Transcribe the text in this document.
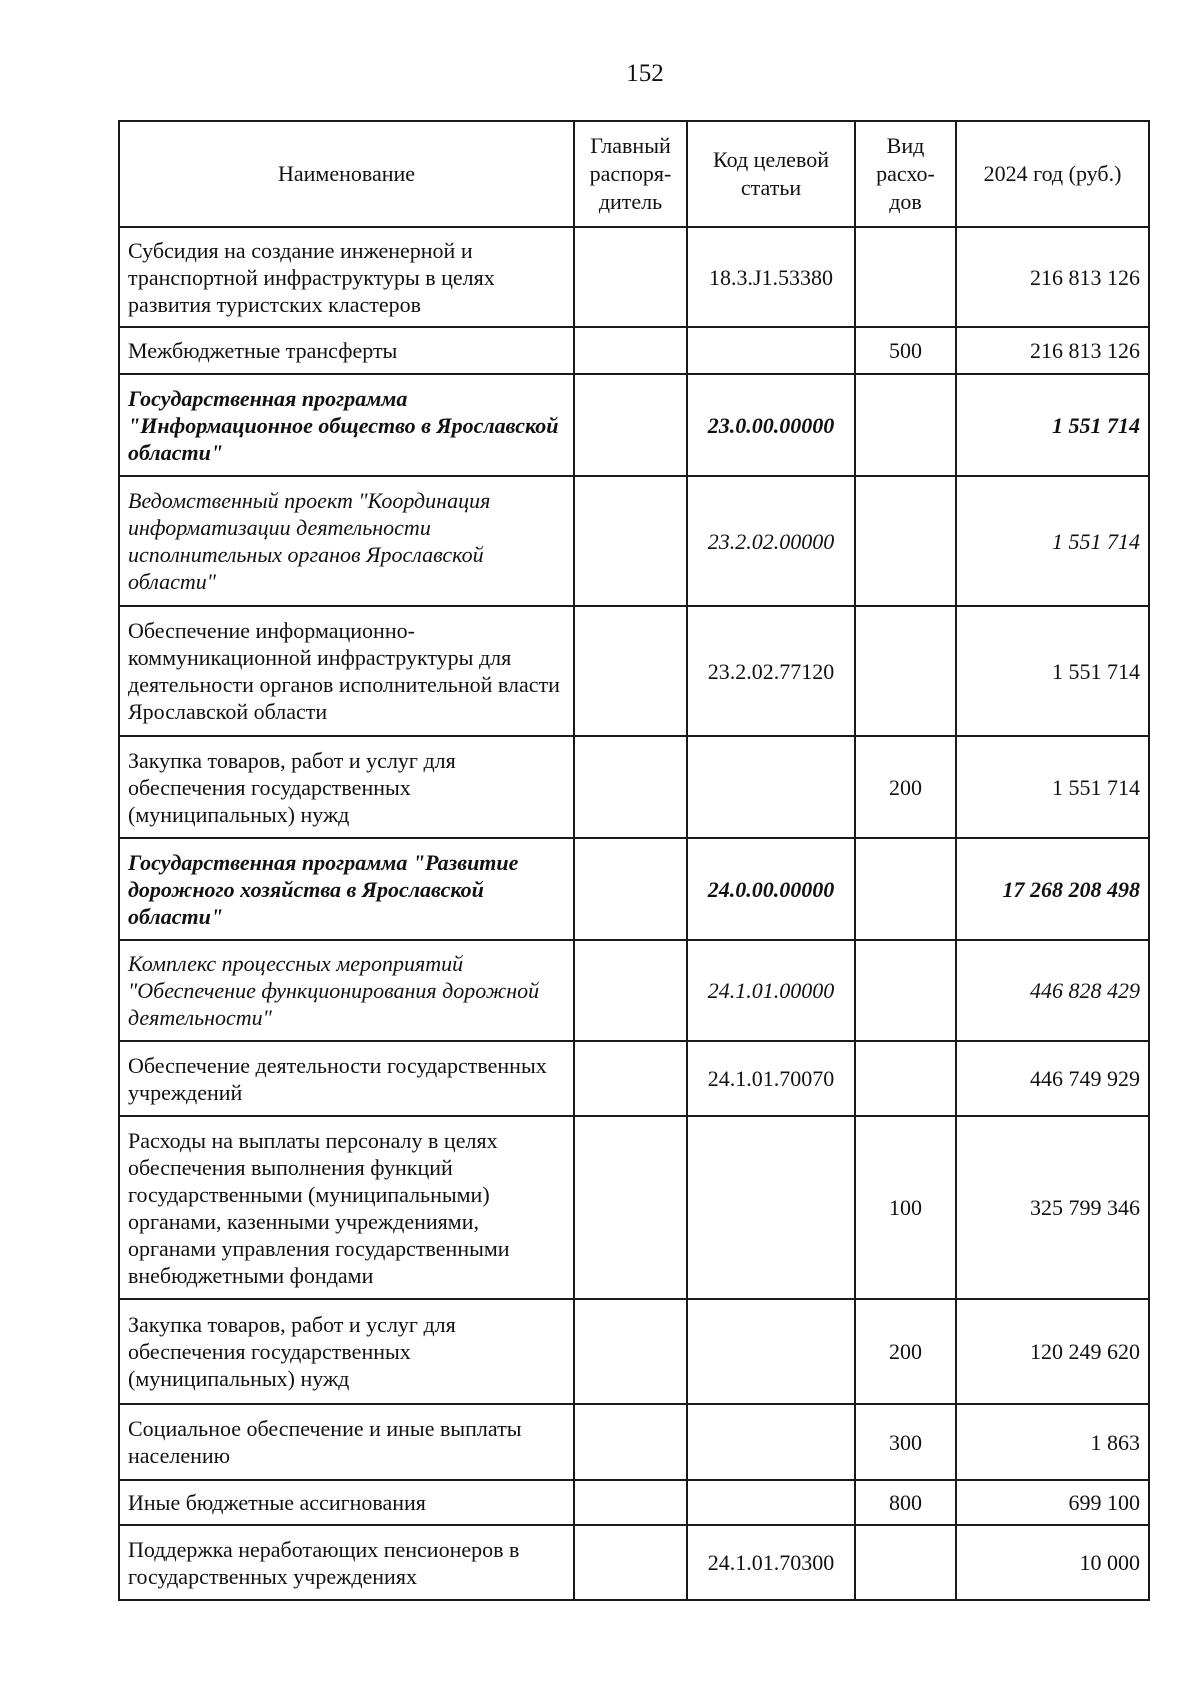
152
Наименование	Главный распоря-дитель	Код целевой статьи	Вид расхо-дов	2024 год (руб.)
Субсидия на создание инженерной и транспортной инфраструктуры в целях развития туристских кластеров		18.3.J1.53380		216 813 126
Межбюджетные трансферты			500	216 813 126
Государственная программа "Информационное общество в Ярославской области"		23.0.00.00000		1 551 714
Ведомственный проект "Координация информатизации деятельности исполнительных органов Ярославской области"		23.2.02.00000		1 551 714
Обеспечение информационно-коммуникационной инфраструктуры для деятельности органов исполнительной власти Ярославской области		23.2.02.77120		1 551 714
Закупка товаров, работ и услуг для обеспечения государственных (муниципальных) нужд			200	1 551 714
Государственная программа "Развитие дорожного хозяйства в Ярославской области"		24.0.00.00000		17 268 208 498
Комплекс процессных мероприятий "Обеспечение функционирования дорожной деятельности"		24.1.01.00000		446 828 429
Обеспечение деятельности государственных учреждений		24.1.01.70070		446 749 929
Расходы на выплаты персоналу в целях обеспечения выполнения функций государственными (муниципальными) органами, казенными учреждениями, органами управления государственными внебюджетными фондами			100	325 799 346
Закупка товаров, работ и услуг для обеспечения государственных (муниципальных) нужд			200	120 249 620
Социальное обеспечение и иные выплаты населению			300	1 863
Иные бюджетные ассигнования			800	699 100
Поддержка неработающих пенсионеров в государственных учреждениях		24.1.01.70300		10 000
